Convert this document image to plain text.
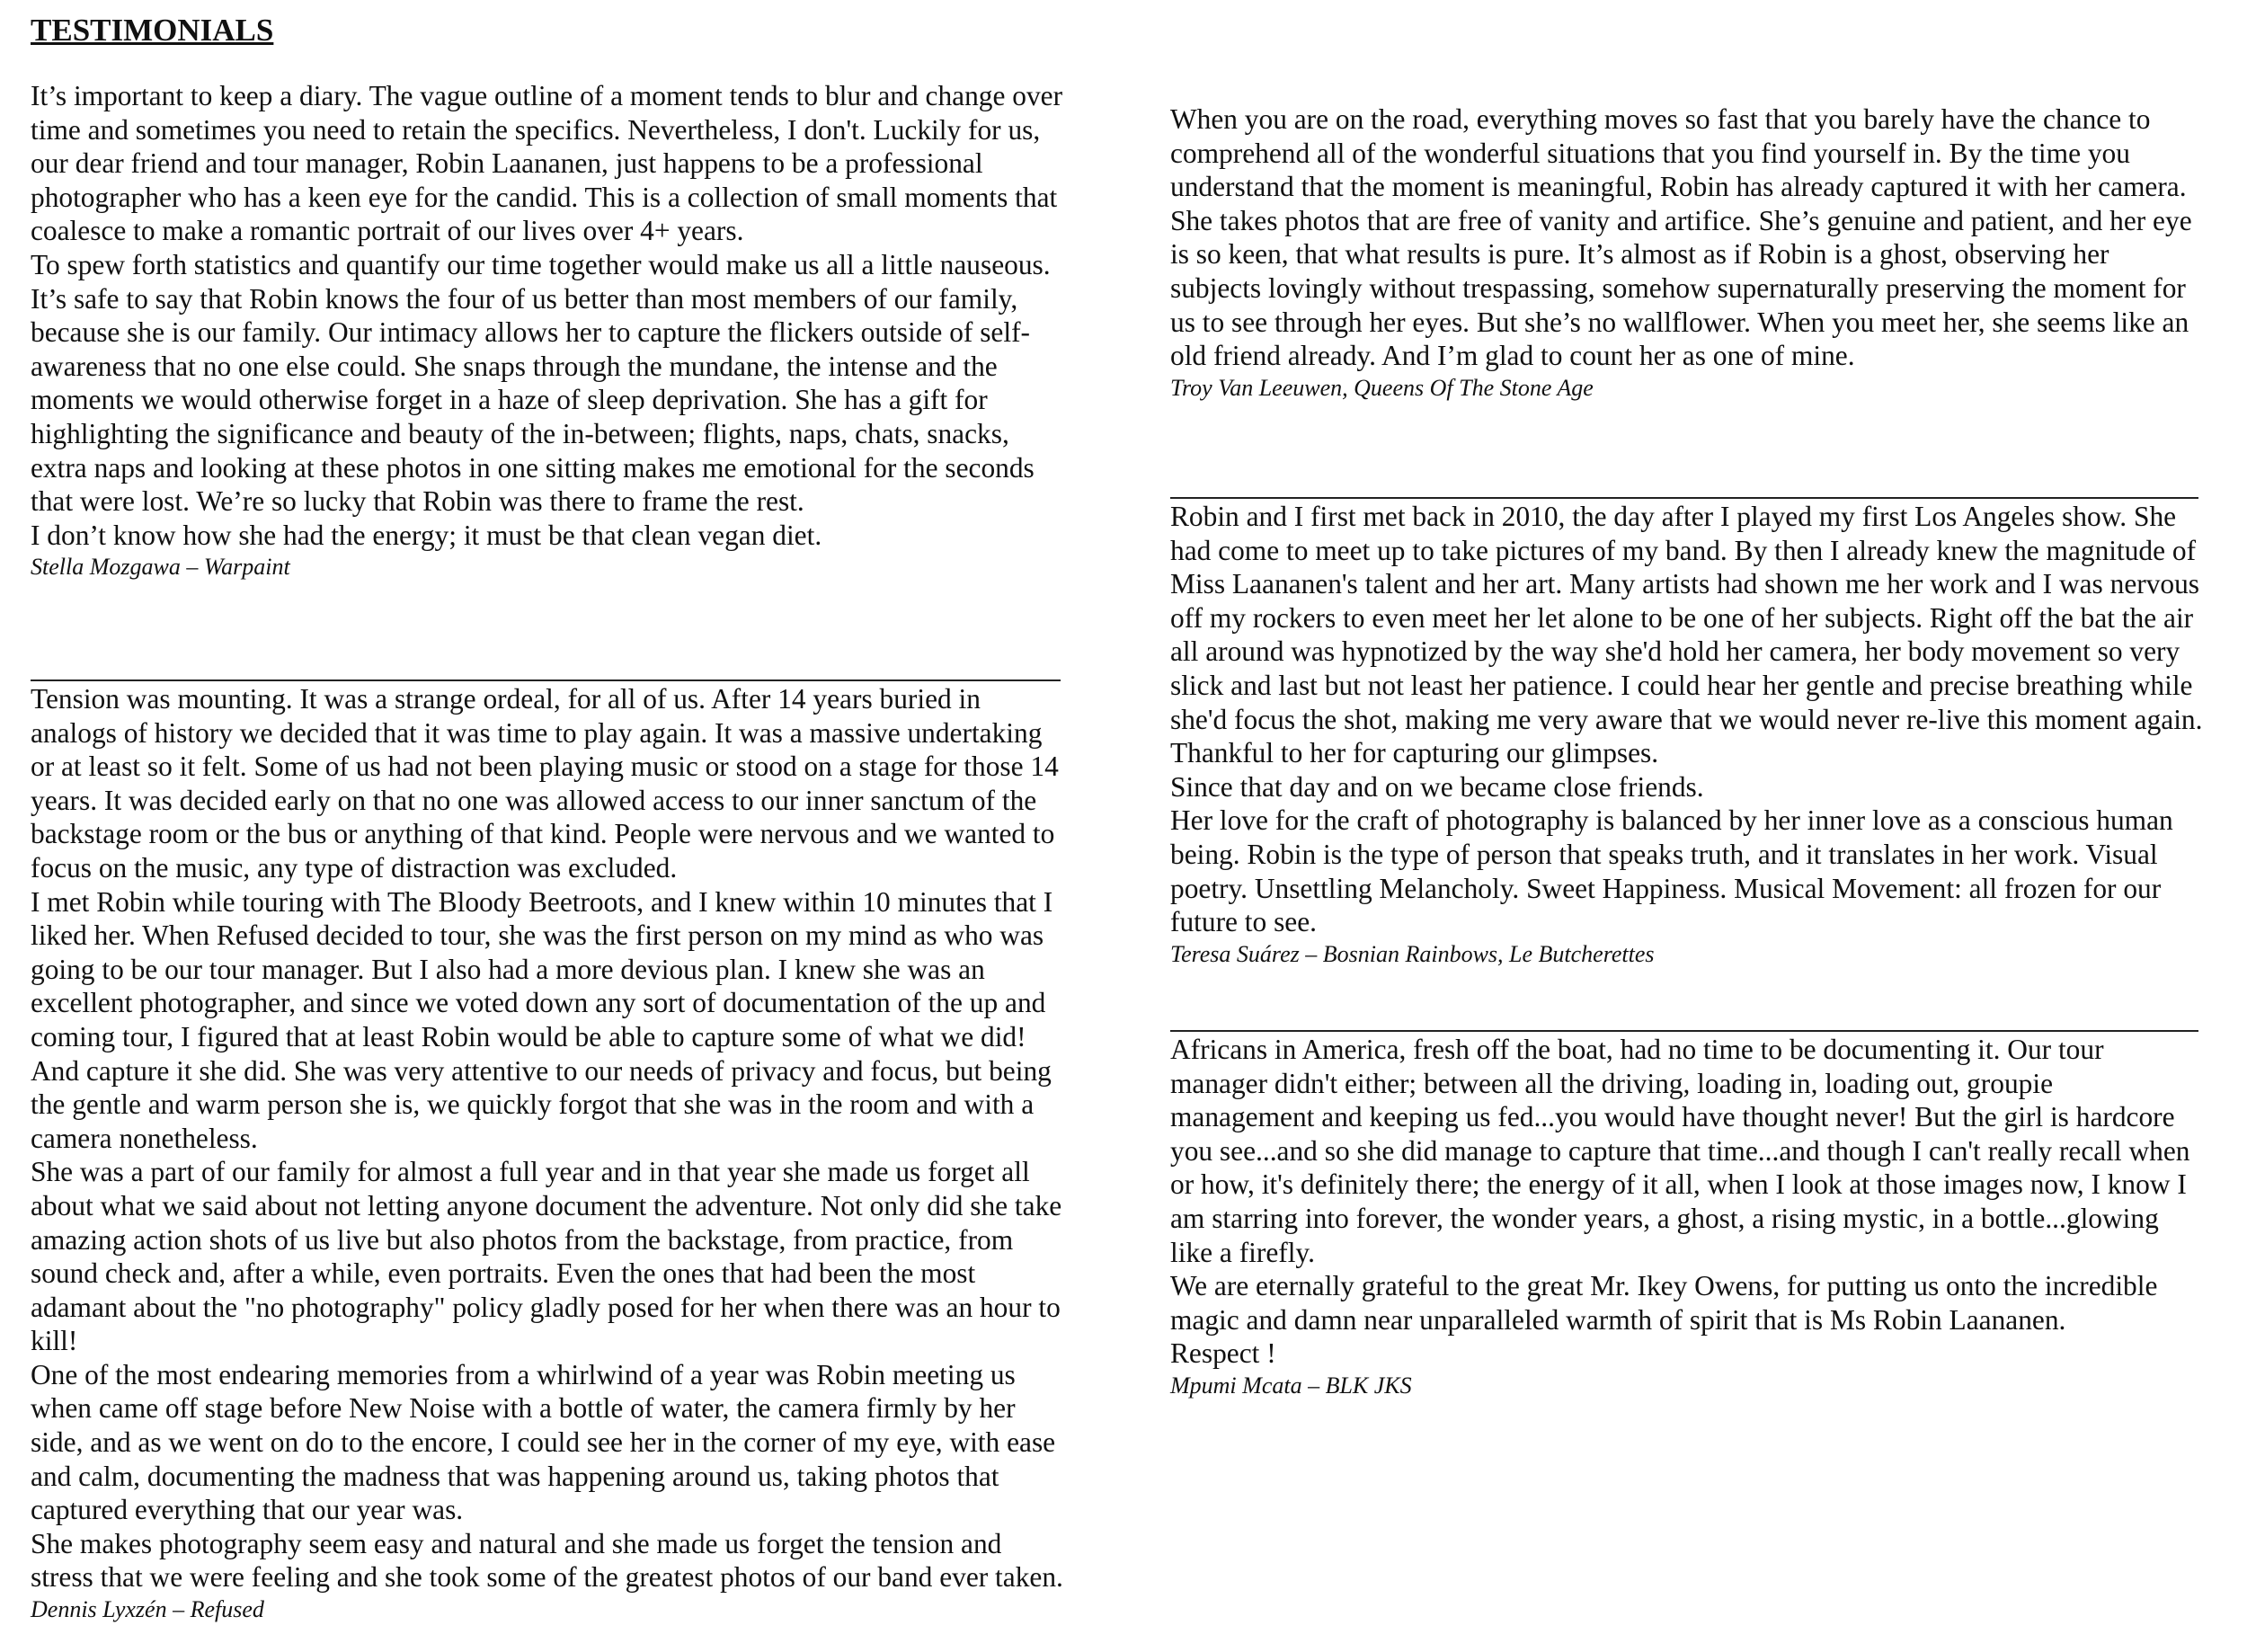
TESTIMONIALS

It’s important to keep a diary. The vague outline of a moment tends to blur and change over time and sometimes you need to retain the specifics. Nevertheless, I don't. Luckily for us, our dear friend and tour manager, Robin Laananen, just happens to be a professional photographer who has a keen eye for the candid. This is a collection of small moments that coalesce to make a romantic portrait of our lives over 4+ years.

To spew forth statistics and quantify our time together would make us all a little nauseous. It’s safe to say that Robin knows the four of us better than most members of our family, because she is our family. Our intimacy allows her to capture the flickers outside of self-awareness that no one else could. She snaps through the mundane, the intense and the moments we would otherwise forget in a haze of sleep deprivation. She has a gift for highlighting the significance and beauty of the in-between; flights, naps, chats, snacks, extra naps and looking at these photos in one sitting makes me emotional for the seconds that were lost. We’re so lucky that Robin was there to frame the rest.

I don’t know how she had the energy; it must be that clean vegan diet.

Stella Mozgawa – Warpaint

Tension was mounting. It was a strange ordeal, for all of us. After 14 years buried in analogs of history we decided that it was time to play again. It was a massive undertaking or at least so it felt. Some of us had not been playing music or stood on a stage for those 14 years. It was decided early on that no one was allowed access to our inner sanctum of the backstage room or the bus or anything of that kind. People were nervous and we wanted to focus on the music, any type of distraction was excluded.

I met Robin while touring with The Bloody Beetroots, and I knew within 10 minutes that I liked her. When Refused decided to tour, she was the first person on my mind as who was going to be our tour manager. But I also had a more devious plan. I knew she was an excellent photographer, and since we voted down any sort of documentation of the up and coming tour, I figured that at least Robin would be able to capture some of what we did! And capture it she did. She was very attentive to our needs of privacy and focus, but being the gentle and warm person she is, we quickly forgot that she was in the room and with a camera nonetheless.

She was a part of our family for almost a full year and in that year she made us forget all about what we said about not letting anyone document the adventure. Not only did she take amazing action shots of us live but also photos from the backstage, from practice, from sound check and, after a while, even portraits. Even the ones that had been the most adamant about the "no photography" policy gladly posed for her when there was an hour to kill!

One of the most endearing memories from a whirlwind of a year was Robin meeting us when came off stage before New Noise with a bottle of water, the camera firmly by her side, and as we went on do to the encore, I could see her in the corner of my eye, with ease and calm, documenting the madness that was happening around us, taking photos that captured everything that our year was.

She makes photography seem easy and natural and she made us forget the tension and stress that we were feeling and she took some of the greatest photos of our band ever taken.

Dennis Lyxzén – Refused

When you are on the road, everything moves so fast that you barely have the chance to comprehend all of the wonderful situations that you find yourself in. By the time you understand that the moment is meaningful, Robin has already captured it with her camera. She takes photos that are free of vanity and artifice. She’s genuine and patient, and her eye is so keen, that what results is pure. It’s almost as if Robin is a ghost, observing her subjects lovingly without trespassing, somehow supernaturally preserving the moment for us to see through her eyes. But she’s no wallflower. When you meet her, she seems like an old friend already. And I’m glad to count her as one of mine.

Troy Van Leeuwen, Queens Of The Stone Age

Robin and I first met back in 2010, the day after I played my first Los Angeles show. She had come to meet up to take pictures of my band. By then I already knew the magnitude of Miss Laananen's talent and her art. Many artists had shown me her work and I was nervous off my rockers to even meet her let alone to be one of her subjects. Right off the bat the air all around was hypnotized by the way she'd hold her camera, her body movement so very slick and last but not least her patience. I could hear her gentle and precise breathing while she'd focus the shot, making me very aware that we would never re-live this moment again. Thankful to her for capturing our glimpses.

Since that day and on we became close friends.

Her love for the craft of photography is balanced by her inner love as a conscious human being. Robin is the type of person that speaks truth, and it translates in her work. Visual poetry. Unsettling Melancholy. Sweet Happiness. Musical Movement: all frozen for our future to see.

Teresa Suárez – Bosnian Rainbows, Le Butcherettes

Africans in America, fresh off the boat, had no time to be documenting it. Our tour manager didn't either; between all the driving, loading in, loading out, groupie management and keeping us fed...you would have thought never! But the girl is hardcore you see...and so she did manage to capture that time...and though I can't really recall when or how, it's definitely there; the energy of it all, when I look at those images now, I know I am starring into forever, the wonder years, a ghost, a rising mystic, in a bottle...glowing like a firefly.

We are eternally grateful to the great Mr. Ikey Owens, for putting us onto the incredible magic and damn near unparalleled warmth of spirit that is Ms Robin Laananen.

Respect !

Mpumi Mcata – BLK JKS
